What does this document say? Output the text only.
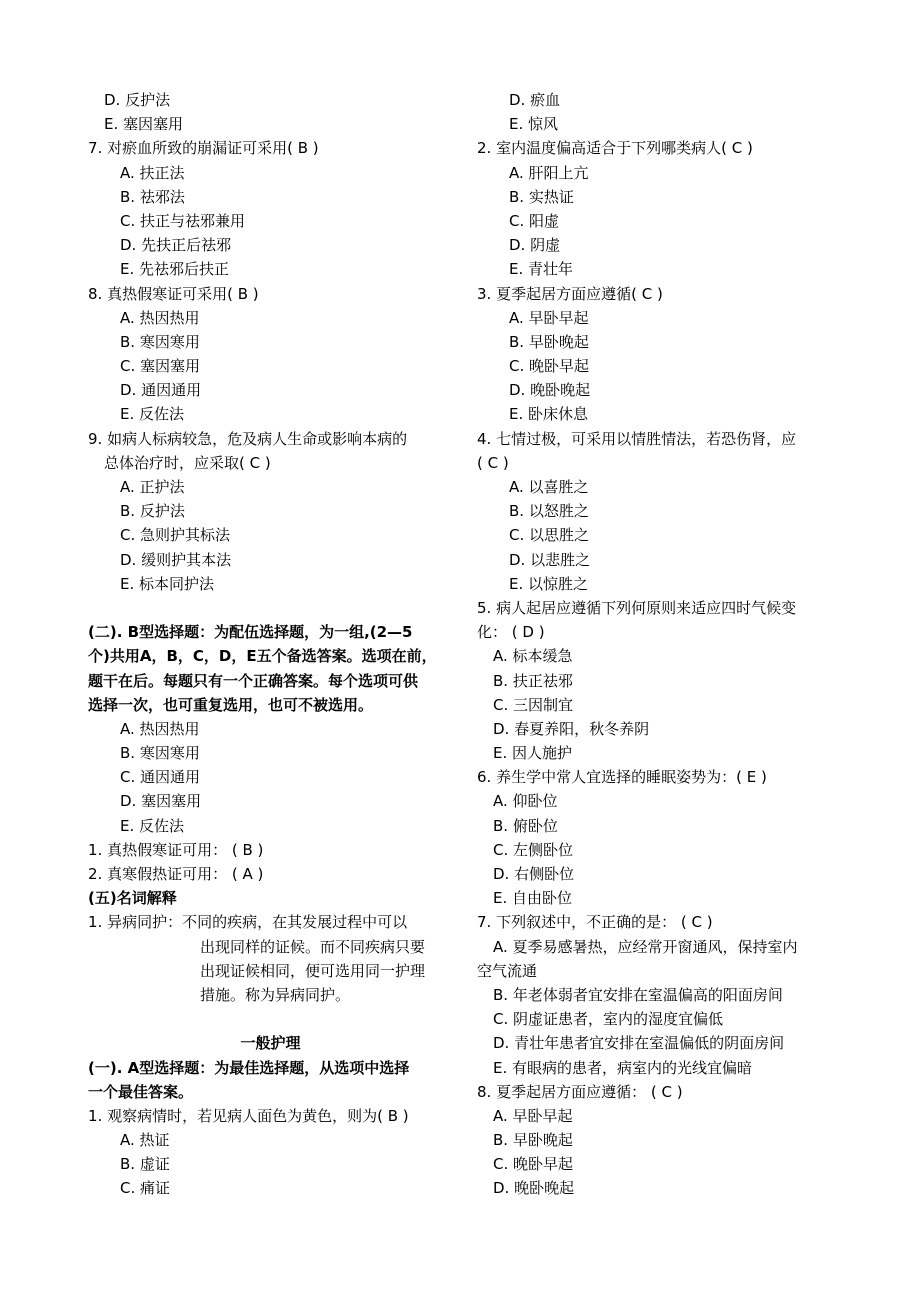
D. 反护法
E. 塞因塞用
7. 对瘀血所致的崩漏证可采用( B )
A. 扶正法
B. 祛邪法
C. 扶正与祛邪兼用
D. 先扶正后祛邪
E. 先祛邪后扶正
8. 真热假寒证可采用( B )
A. 热因热用
B. 寒因寒用
C. 塞因塞用
D. 通因通用
E. 反佐法
9. 如病人标病较急，危及病人生命或影响本病的
总体治疗时，应采取( C )
A. 正护法
B. 反护法
C. 急则护其标法
D. 缓则护其本法
E. 标本同护法
(二). B型选择题：为配伍选择题，为一组,(2—5
个)共用A，B，C，D，E五个备选答案。选项在前，
题干在后。每题只有一个正确答案。每个选项可供
选择一次，也可重复选用，也可不被选用。
A. 热因热用
B. 寒因寒用
C. 通因通用
D. 塞因塞用
E. 反佐法
1. 真热假寒证可用： ( B )
2. 真寒假热证可用： ( A )
(五)名词解释
1. 异病同护：不同的疾病，在其发展过程中可以
出现同样的证候。而不同疾病只要
出现证候相同，便可选用同一护理
措施。称为异病同护。
一般护理
(一). A型选择题：为最佳选择题，从选项中选择
一个最佳答案。
1. 观察病情时，若见病人面色为黄色，则为( B )
A. 热证
B. 虚证
C. 痛证
D. 瘀血
E. 惊风
2. 室内温度偏高适合于下列哪类病人( C )
A. 肝阳上亢
B. 实热证
C. 阳虚
D. 阴虚
E. 青壮年
3. 夏季起居方面应遵循( C )
A. 早卧早起
B. 早卧晚起
C. 晚卧早起
D. 晚卧晚起
E. 卧床休息
4. 七情过极，可采用以情胜情法，若恐伤肾，应
( C )
A. 以喜胜之
B. 以怒胜之
C. 以思胜之
D. 以悲胜之
E. 以惊胜之
5. 病人起居应遵循下列何原则来适应四时气候变
化： ( D )
A. 标本缓急
B. 扶正祛邪
C. 三因制宜
D. 春夏养阳，秋冬养阴
E. 因人施护
6. 养生学中常人宜选择的睡眠姿势为：( E )
A. 仰卧位
B. 俯卧位
C. 左侧卧位
D. 右侧卧位
E. 自由卧位
7. 下列叙述中，不正确的是： ( C )
A. 夏季易感暑热，应经常开窗通风，保持室内
空气流通
B. 年老体弱者宜安排在室温偏高的阳面房间
C. 阴虚证患者，室内的湿度宜偏低
D. 青壮年患者宜安排在室温偏低的阴面房间
E. 有眼病的患者，病室内的光线宜偏暗
8. 夏季起居方面应遵循： ( C )
A. 早卧早起
B. 早卧晚起
C. 晚卧早起
D. 晚卧晚起
